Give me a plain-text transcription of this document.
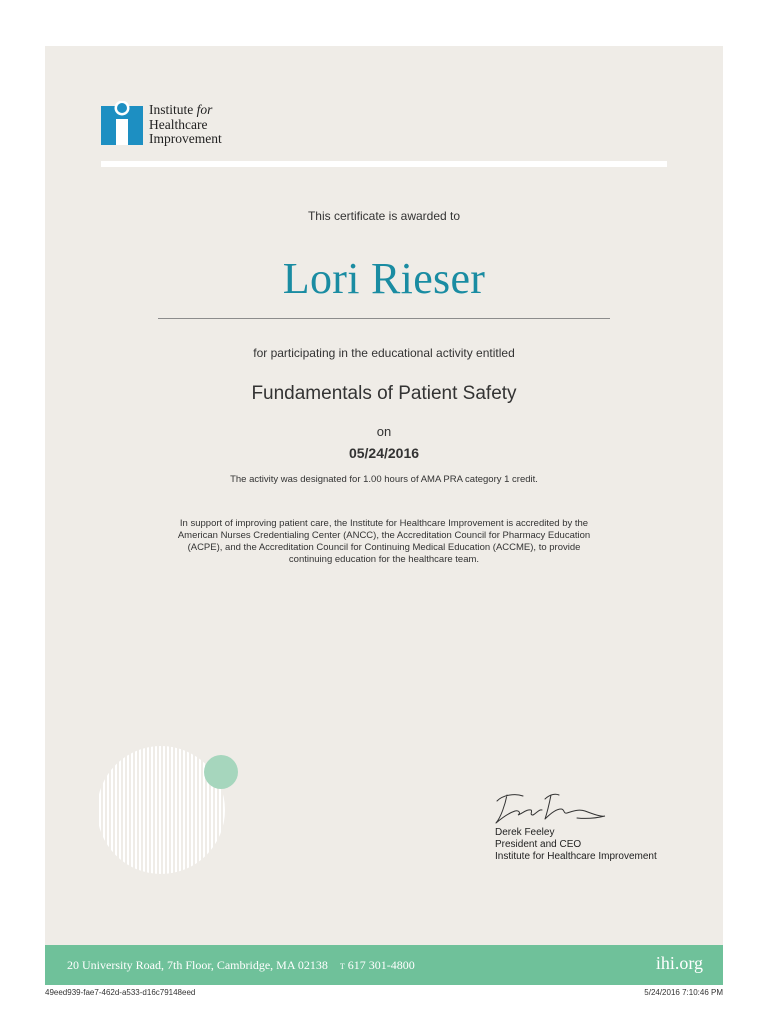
Institute for
Healthcare
Improvement
This certificate is awarded to
Lori Rieser
for participating in the educational activity entitled
Fundamentals of Patient Safety
on
05/24/2016
The activity was designated for 1.00 hours of AMA PRA category 1 credit.
In support of improving patient care, the Institute for Healthcare Improvement is accredited by the
American Nurses Credentialing Center (ANCC), the Accreditation Council for Pharmacy Education
(ACPE), and the Accreditation Council for Continuing Medical Education (ACCME), to provide
continuing education for the healthcare team.
Derek Feeley
President and CEO
Institute for Healthcare Improvement
20 University Road, 7th Floor, Cambridge, MA 02138 T 617 301-4800	ihi.org
49eed939-fae7-462d-a533-d16c79148eed	5/24/2016 7:10:46 PM
